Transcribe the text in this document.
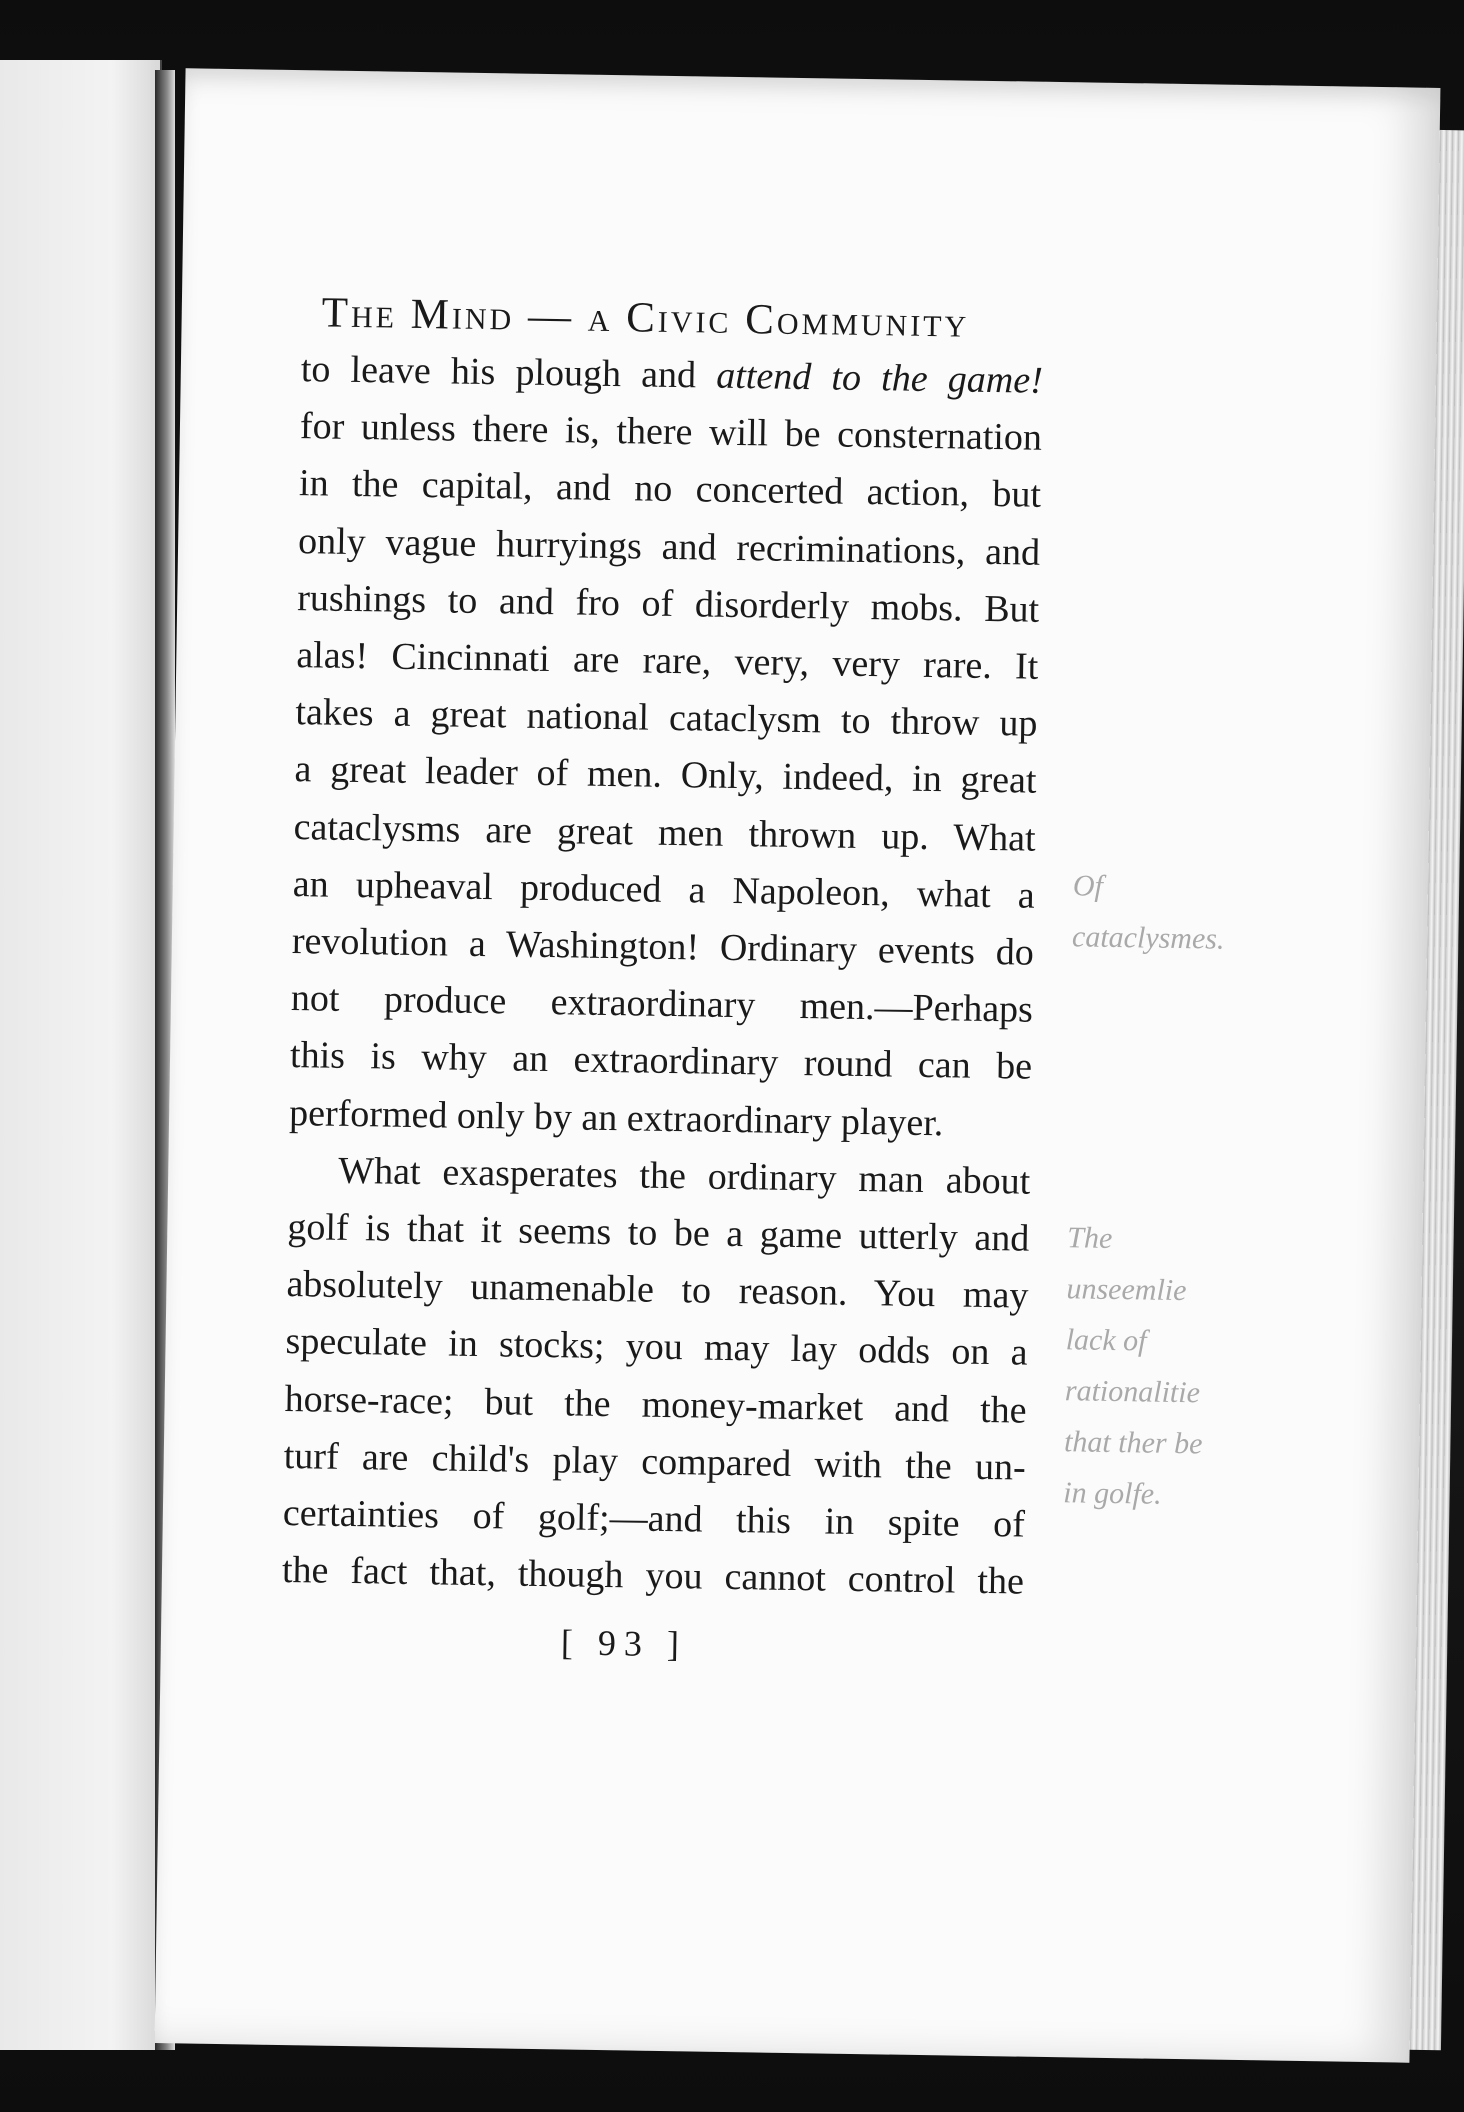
The Mind — a Civic Community
to leave his plough and attend to the game!
for unless there is, there will be consternation
in the capital, and no concerted action, but
only vague hurryings and recriminations, and
rushings to and fro of disorderly mobs. But
alas! Cincinnati are rare, very, very rare. It
takes a great national cataclysm to throw up
a great leader of men. Only, indeed, in great
cataclysms are great men thrown up. What
an upheaval produced a Napoleon, what a
revolution a Washington! Ordinary events do
not produce extraordinary men.—Perhaps
this is why an extraordinary round can be
performed only by an extraordinary player.
What exasperates the ordinary man about
golf is that it seems to be a game utterly and
absolutely unamenable to reason. You may
speculate in stocks; you may lay odds on a
horse-race; but the money-market and the
turf are child's play compared with the un-
certainties of golf;—and this in spite of
the fact that, though you cannot control the
[ 93 ]
Of
cataclysmes.
The
unseemlie
lack of
rationalitie
that ther be
in golfe.
